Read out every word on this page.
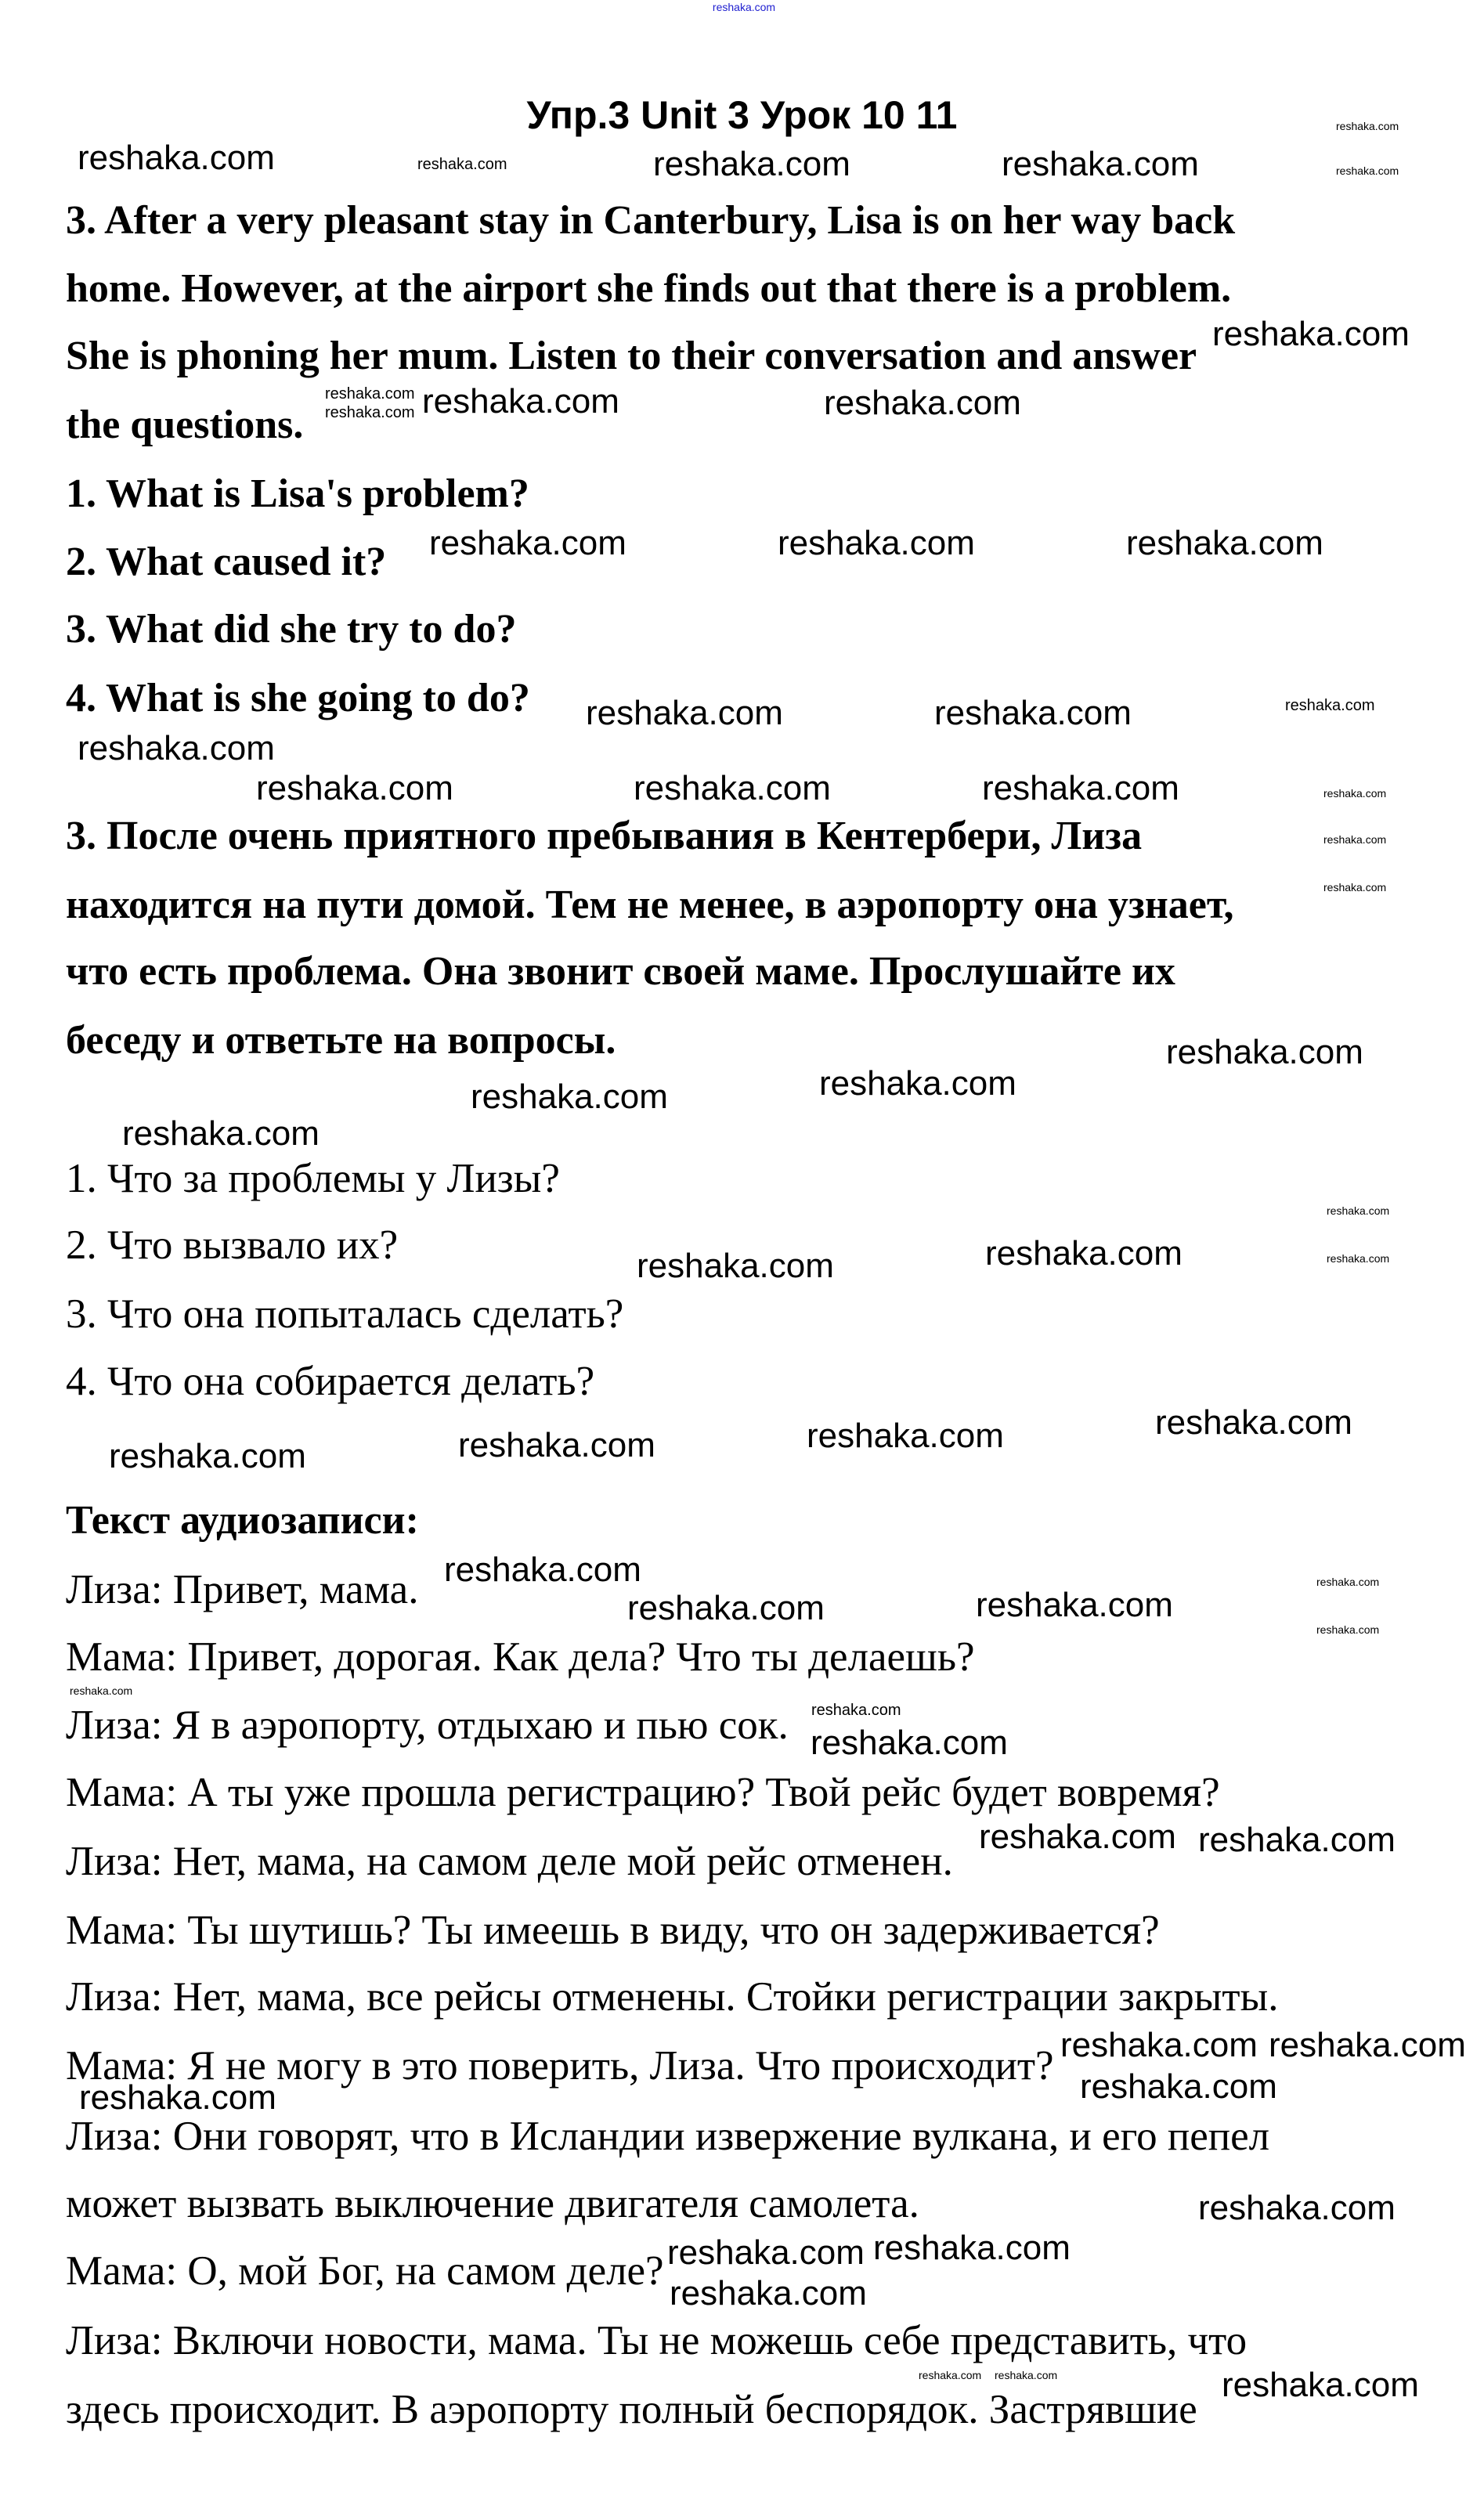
reshaka.com
Упр.3 Unit 3 Урок 10 11
3. After a very pleasant stay in Canterbury, Lisa is on her way back
home. However, at the airport she finds out that there is a problem.
She is phoning her mum. Listen to their conversation and answer
the questions.
1. What is Lisa's problem?
2. What caused it?
3. What did she try to do?
4. What is she going to do?
3. После очень приятного пребывания в Кентербери, Лиза
находится на пути домой. Тем не менее, в аэропорту она узнает,
что есть проблема. Она звонит своей маме. Прослушайте их
беседу и ответьте на вопросы.
1. Что за проблемы у Лизы?
2. Что вызвало их?
3. Что она попыталась сделать?
4. Что она собирается делать?
Текст аудиозаписи:
Лиза: Привет, мама.
Мама: Привет, дорогая. Как дела? Что ты делаешь?
Лиза: Я в аэропорту, отдыхаю и пью сок.
Мама: А ты уже прошла регистрацию? Твой рейс будет вовремя?
Лиза: Нет, мама, на самом деле мой рейс отменен.
Мама: Ты шутишь? Ты имеешь в виду, что он задерживается?
Лиза: Нет, мама, все рейсы отменены. Стойки регистрации закрыты.
Мама: Я не могу в это поверить, Лиза. Что происходит?
Лиза: Они говорят, что в Исландии извержение вулкана, и его пепел
может вызвать выключение двигателя самолета.
Мама: О, мой Бог, на самом деле?
Лиза: Включи новости, мама. Ты не можешь себе представить, что
здесь происходит. В аэропорту полный беспорядок. Застрявшие
reshaka.com	reshaka.com	reshaka.com	reshaka.com
reshaka.com
reshaka.com
reshaka.com reshaka.com	reshaka.com
reshaka.com
reshaka.com
reshaka.com	reshaka.com	reshaka.com
reshaka.com
reshaka.com	reshaka.com	reshaka.com
reshaka.com
reshaka.com
reshaka.com
reshaka.com	reshaka.com	reshaka.com
reshaka.com
reshaka.com
reshaka.com
reshaka.com
reshaka.com
reshaka.com
reshaka.com	reshaka.com
reshaka.com	reshaka.com	reshaka.com	reshaka.com
reshaka.com
reshaka.com
reshaka.com
reshaka.com	reshaka.com
reshaka.com
reshaka.com
reshaka.com
reshaka.com reshaka.com
reshaka.com
reshaka.com
reshaka.com
reshaka.com
reshaka.com
reshaka.com reshaka.com
reshaka.com
reshaka.com
reshaka.com reshaka.com
